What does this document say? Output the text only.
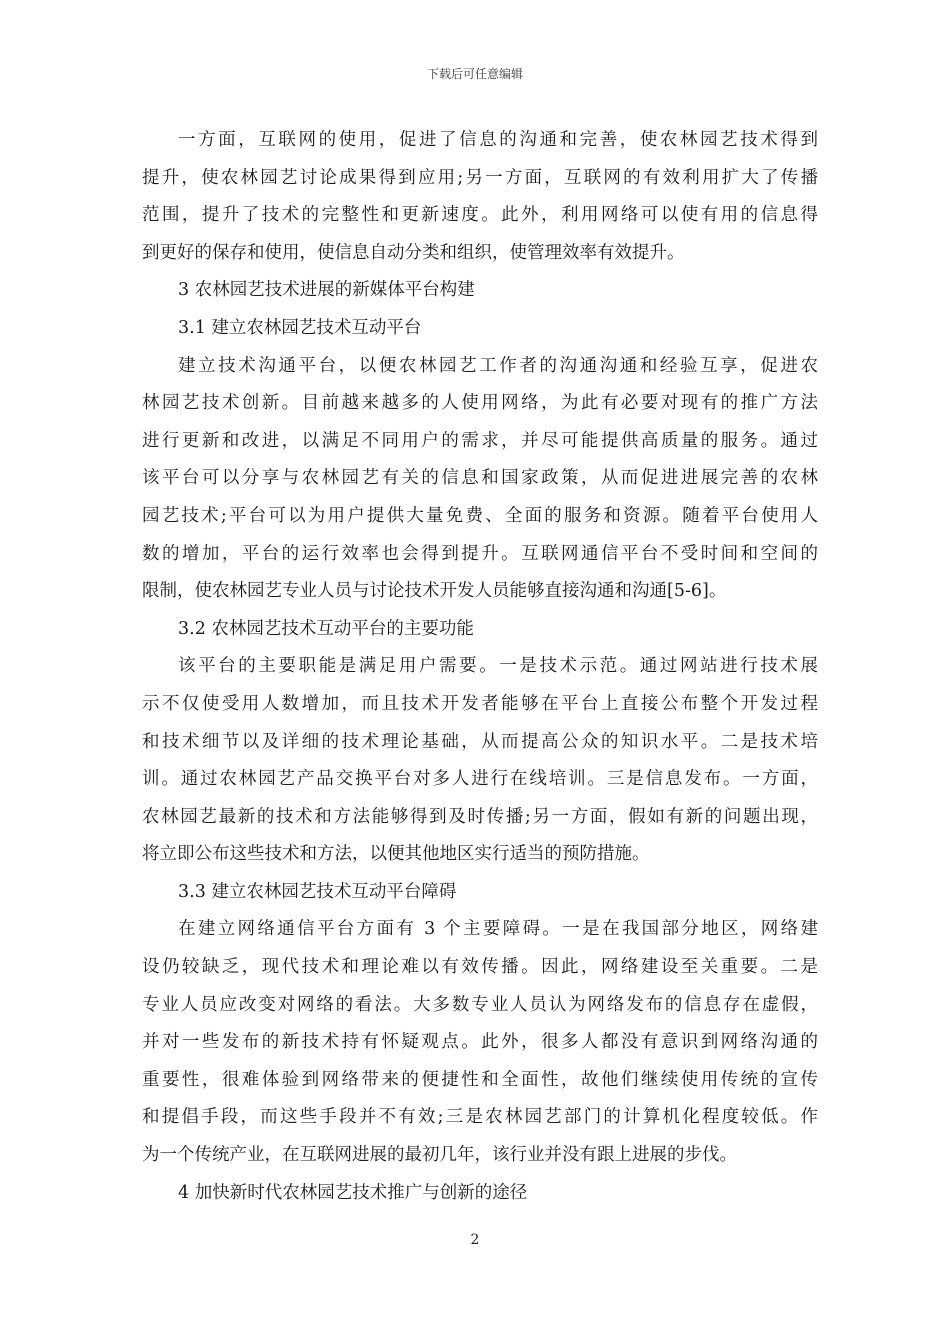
下载后可任意编辑
一方面，互联网的使用，促进了信息的沟通和完善，使农林园艺技术得到
提升，使农林园艺讨论成果得到应用;另一方面，互联网的有效利用扩大了传播
范围，提升了技术的完整性和更新速度。此外，利用网络可以使有用的信息得
到更好的保存和使用，使信息自动分类和组织，使管理效率有效提升。
3 农林园艺技术进展的新媒体平台构建
3.1 建立农林园艺技术互动平台
建立技术沟通平台，以便农林园艺工作者的沟通沟通和经验互享，促进农
林园艺技术创新。目前越来越多的人使用网络，为此有必要对现有的推广方法
进行更新和改进，以满足不同用户的需求，并尽可能提供高质量的服务。通过
该平台可以分享与农林园艺有关的信息和国家政策，从而促进进展完善的农林
园艺技术;平台可以为用户提供大量免费、全面的服务和资源。随着平台使用人
数的增加，平台的运行效率也会得到提升。互联网通信平台不受时间和空间的
限制，使农林园艺专业人员与讨论技术开发人员能够直接沟通和沟通[5-6]。
3.2 农林园艺技术互动平台的主要功能
该平台的主要职能是满足用户需要。一是技术示范。通过网站进行技术展
示不仅使受用人数增加，而且技术开发者能够在平台上直接公布整个开发过程
和技术细节以及详细的技术理论基础，从而提高公众的知识水平。二是技术培
训。通过农林园艺产品交换平台对多人进行在线培训。三是信息发布。一方面，
农林园艺最新的技术和方法能够得到及时传播;另一方面，假如有新的问题出现，
将立即公布这些技术和方法，以便其他地区实行适当的预防措施。
3.3 建立农林园艺技术互动平台障碍
在建立网络通信平台方面有 3 个主要障碍。一是在我国部分地区，网络建
设仍较缺乏，现代技术和理论难以有效传播。因此，网络建设至关重要。二是
专业人员应改变对网络的看法。大多数专业人员认为网络发布的信息存在虚假，
并对一些发布的新技术持有怀疑观点。此外，很多人都没有意识到网络沟通的
重要性，很难体验到网络带来的便捷性和全面性，故他们继续使用传统的宣传
和提倡手段，而这些手段并不有效;三是农林园艺部门的计算机化程度较低。作
为一个传统产业，在互联网进展的最初几年，该行业并没有跟上进展的步伐。
4 加快新时代农林园艺技术推广与创新的途径
2
